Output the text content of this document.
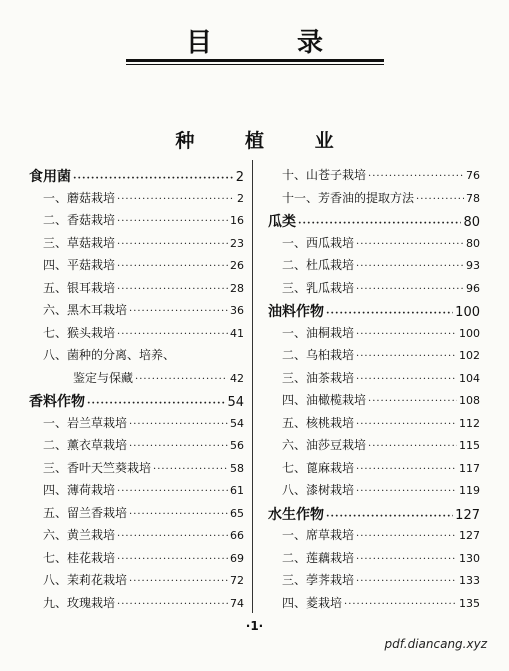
目 录
种 植 业
食用菌 ·····	2
一、蘑菇栽培 ·····	2
二、香菇栽培 ·····	16
三、草菇栽培 ·····	23
四、平菇栽培 ·····	26
五、银耳栽培 ·····	28
六、黑木耳栽培 ·····	36
七、猴头栽培 ·····	41
八、菌种的分离、培养、
鉴定与保藏 ·····	42
香料作物 ·····	54
一、岩兰草栽培 ·····	54
二、薰衣草栽培 ·····	56
三、香叶天竺葵栽培 ·····	58
四、薄荷栽培 ·····	61
五、留兰香栽培 ·····	65
六、黄兰栽培 ·····	66
七、桂花栽培 ·····	69
八、茉莉花栽培 ·····	72
九、玫瑰栽培 ·····	74
十、山苍子栽培 ·····	76
十一、芳香油的提取方法 ·····	78
瓜类 ·····	80
一、西瓜栽培 ·····	80
二、杜瓜栽培 ·····	93
三、乳瓜栽培 ·····	96
油料作物 ·····	100
一、油桐栽培 ·····	100
二、乌桕栽培 ·····	102
三、油茶栽培 ·····	104
四、油橄榄栽培 ·····	108
五、核桃栽培 ·····	112
六、油莎豆栽培 ·····	115
七、蓖麻栽培 ·····	117
八、漆树栽培 ·····	119
水生作物 ·····	127
一、席草栽培 ·····	127
二、莲藕栽培 ·····	130
三、荸荠栽培 ·····	133
四、菱栽培 ·····	135
·1·
pdf.diancang.xyz
